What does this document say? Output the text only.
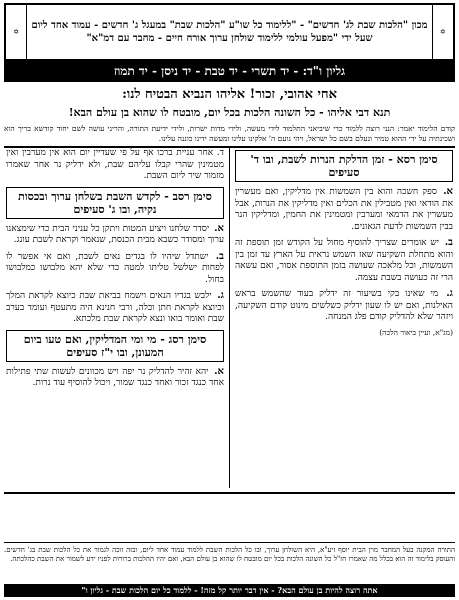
✡
מכון "הלכות שבת לג' חדשים" - "ללימוד כל שו"ע "הלכות שבת" במעגל ג' חדשים - עמוד אחד ליום
שעל ידי "מפעל עולמי ללימוד שולחן ערוך אורח חיים - מחבר עם דמ"א"
✡
גליון ו"ד: - יד תשרי - יד טבת - יד ניסן - יד תמוז
אחי אהובי, זכור! אליהו הנביא הבטיח לנו:
תנא דבי אליהו - כל השונה הלכות בכל יום, מובטח לו שהוא בן עולם הבא!
קודם הלימוד יאמר: הנני רוצה ללמוד כדי שיביאני התלמוד לידי מעשה, ולידי מדות ישרות, ולידי ידיעת התורה, והריני עושה לשם יחוד קודשא בריך הוא ושכינתיה על ידי ההוא טמיר ונעלם בשם כל ישראל, ויהי נועם ה' אלקינו עלינו ומעשה ידינו כוננה עלינו.
סימן רסא - זמן הדלקת הנרות לשבת, ובו ד' סעיפים

א. ספק חשכה והוא בין השמשות אין מדליקין, ואם מעשרין את הודאי ואין מטבילין את הכלים ואין מדליקין את הנרות, אבל מעשרין את הדמאי ומערבין ומטמינין את החמין, ומדליקין הנר בבין השמשות לדעת הגאונים.

ב. יש אומרים שצריך להוסיף מחול על הקודש זמן תוספת זה והוא מתחלת השקיעה שאז השמש נראית על הארץ עד זמן בין השמשות, וכל מלאכה שעושה בזמן התוספת אסור, ואם עשאה הרי זה כעושה בשבת עצמה.

ג. מי שאינו בקי בשיעור זה ידליק בעוד שהשמש בראש האילנות, ואם יש לו שעון ידליק כשלשים מינוט קודם השקיעה, ויזהר שלא להדליק קודם פלג המנחה.

(מג"א, ועיין ביאור הלכה)

ד. אחר עניית ברכו אף על פי שעדיין יום הוא אין מערבין ואין מטמינין שהרי קבלו עליהם שבת, ולא ידליק נר אחר שאמרו מזמור שיר ליום השבת.

סימן רסב - לקדש השבת בשלחן ערוך ובכסות נקיה, ובו ג' סעיפים

א. יסדר שלחנו ויציע המטות ויתקן כל עניני הבית כדי שימצאנו ערוך ומסודר כשבא מבית הכנסת, שנאמר וקראת לשבת עונג.

ב. ישתדל שיהיו לו בגדים נאים לשבת, ואם אי אפשר לו לפחות ישלשל טליתו למטה כדי שלא יהא מלבושו כמלבושו בחול.

ג. ילבש בגדיו הנאים וישמח בביאת שבת כיוצא לקראת המלך וכיוצא לקראת חתן וכלה, ורבי חנינא היה מתעטף ועומד בערב שבת ואומר בואו ונצא לקראת שבת מלכתא.

סימן רסג - מי ומי המדליקין, ואם טעו ביום המעונן, ובו י"ז סעיפים

א. יהא זהיר להדליק נר יפה ויש מכוונים לעשות שתי פתילות אחד כנגד זכור ואחד כנגד שמור, ויכול להוסיף עוד נרות.

התורה המקנה בעל המחבר מרן הבית יוסף זיע"א, היא השולחן ערוך, ובו כל הלכות השבת ללמוד עמוד אחד ליום, ובזה זוכה לגמור את כל הלכות שבת בג' חדשים. והעוסק בלימוד זה הוא בכלל מה שאמרו חז"ל כל השונה הלכות בכל יום מובטח לו שהוא בן עולם הבא, ואם יהיו ההלכות ברורות לפניו ידע לשמור את השבת כהלכתה.
אתה רוצה להיות בן עולם הבא? - אין דבר יותר קל מזה! - ללמוד כל יום הלכות שבת - גליון ו"
